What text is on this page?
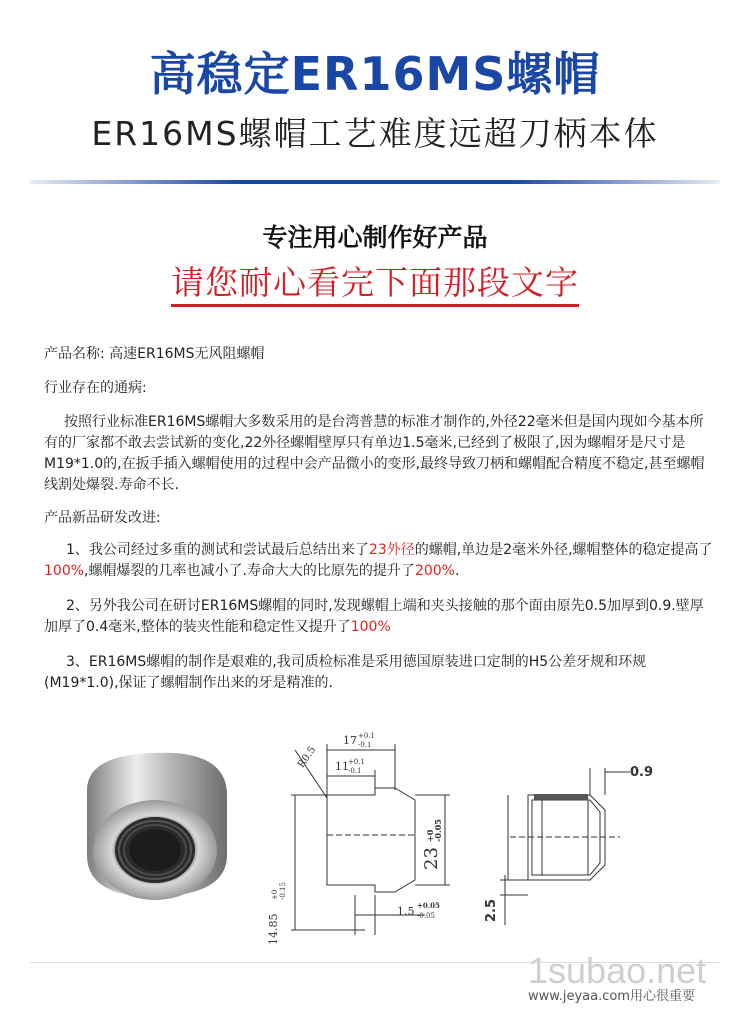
高稳定ER16MS螺帽
ER16MS螺帽工艺难度远超刀柄本体
专注用心制作好产品
请您耐心看完下面那段文字
产品名称: 高速ER16MS无风阻螺帽
行业存在的通病:
按照行业标准ER16MS螺帽大多数采用的是台湾普慧的标准才制作的,外径22毫米但是国内现如今基本所有的厂家都不敢去尝试新的变化,22外径螺帽壁厚只有单边1.5毫米,已经到了极限了,因为螺帽牙是尺寸是M19*1.0的,在扳手插入螺帽使用的过程中会产品微小的变形,最终导致刀柄和螺帽配合精度不稳定,甚至螺帽线割处爆裂.寿命不长.
产品新品研发改进:
1、我公司经过多重的测试和尝试最后总结出来了23外径的螺帽,单边是2毫米外径,螺帽整体的稳定提高了100%,螺帽爆裂的几率也减小了.寿命大大的比原先的提升了200%.
2、另外我公司在研讨ER16MS螺帽的同时,发现螺帽上端和夹头接触的那个面由原先0.5加厚到0.9.壁厚加厚了0.4毫米,整体的装夹性能和稳定性又提升了100%
3、ER16MS螺帽的制作是艰难的,我司质检标准是采用德国原装进口定制的H5公差牙规和环规(M19*1.0),保证了螺帽制作出来的牙是精准的.
17 +0.1
-0.1
11 +0.1
-0.1
R0.5
23
+0
-0.05
1.5 +0.05
-0.05
14.85
+0 -0.15
0.9
2.5
1subao.net
www.jeyaa.com用心很重要
